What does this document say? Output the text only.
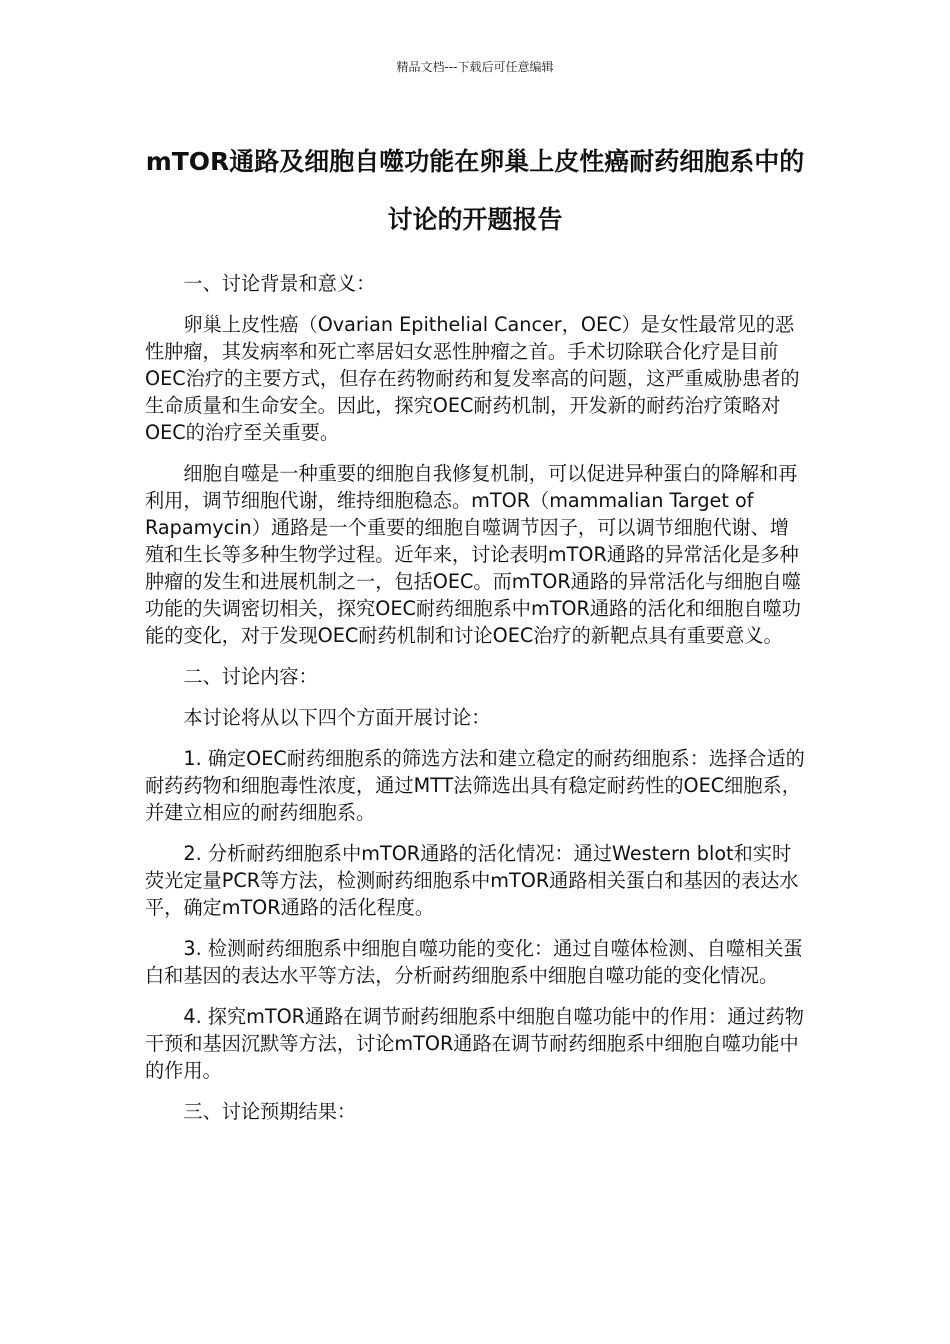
精品文档---下载后可任意编辑
mTOR通路及细胞自噬功能在卵巢上皮性癌耐药细胞系中的讨论的开题报告

一、讨论背景和意义：

卵巢上皮性癌（Ovarian Epithelial Cancer，OEC）是女性最常见的恶性肿瘤，其发病率和死亡率居妇女恶性肿瘤之首。手术切除联合化疗是目前OEC治疗的主要方式，但存在药物耐药和复发率高的问题，这严重威胁患者的生命质量和生命安全。因此，探究OEC耐药机制，开发新的耐药治疗策略对OEC的治疗至关重要。

细胞自噬是一种重要的细胞自我修复机制，可以促进异种蛋白的降解和再利用，调节细胞代谢，维持细胞稳态。mTOR（mammalian Target of Rapamycin）通路是一个重要的细胞自噬调节因子，可以调节细胞代谢、增殖和生长等多种生物学过程。近年来，讨论表明mTOR通路的异常活化是多种肿瘤的发生和进展机制之一，包括OEC。而mTOR通路的异常活化与细胞自噬功能的失调密切相关，探究OEC耐药细胞系中mTOR通路的活化和细胞自噬功能的变化，对于发现OEC耐药机制和讨论OEC治疗的新靶点具有重要意义。

二、讨论内容：

本讨论将从以下四个方面开展讨论：

1. 确定OEC耐药细胞系的筛选方法和建立稳定的耐药细胞系：选择合适的耐药药物和细胞毒性浓度，通过MTT法筛选出具有稳定耐药性的OEC细胞系，并建立相应的耐药细胞系。

2. 分析耐药细胞系中mTOR通路的活化情况：通过Western blot和实时荧光定量PCR等方法，检测耐药细胞系中mTOR通路相关蛋白和基因的表达水平，确定mTOR通路的活化程度。

3. 检测耐药细胞系中细胞自噬功能的变化：通过自噬体检测、自噬相关蛋白和基因的表达水平等方法，分析耐药细胞系中细胞自噬功能的变化情况。

4. 探究mTOR通路在调节耐药细胞系中细胞自噬功能中的作用：通过药物干预和基因沉默等方法，讨论mTOR通路在调节耐药细胞系中细胞自噬功能中的作用。

三、讨论预期结果：
